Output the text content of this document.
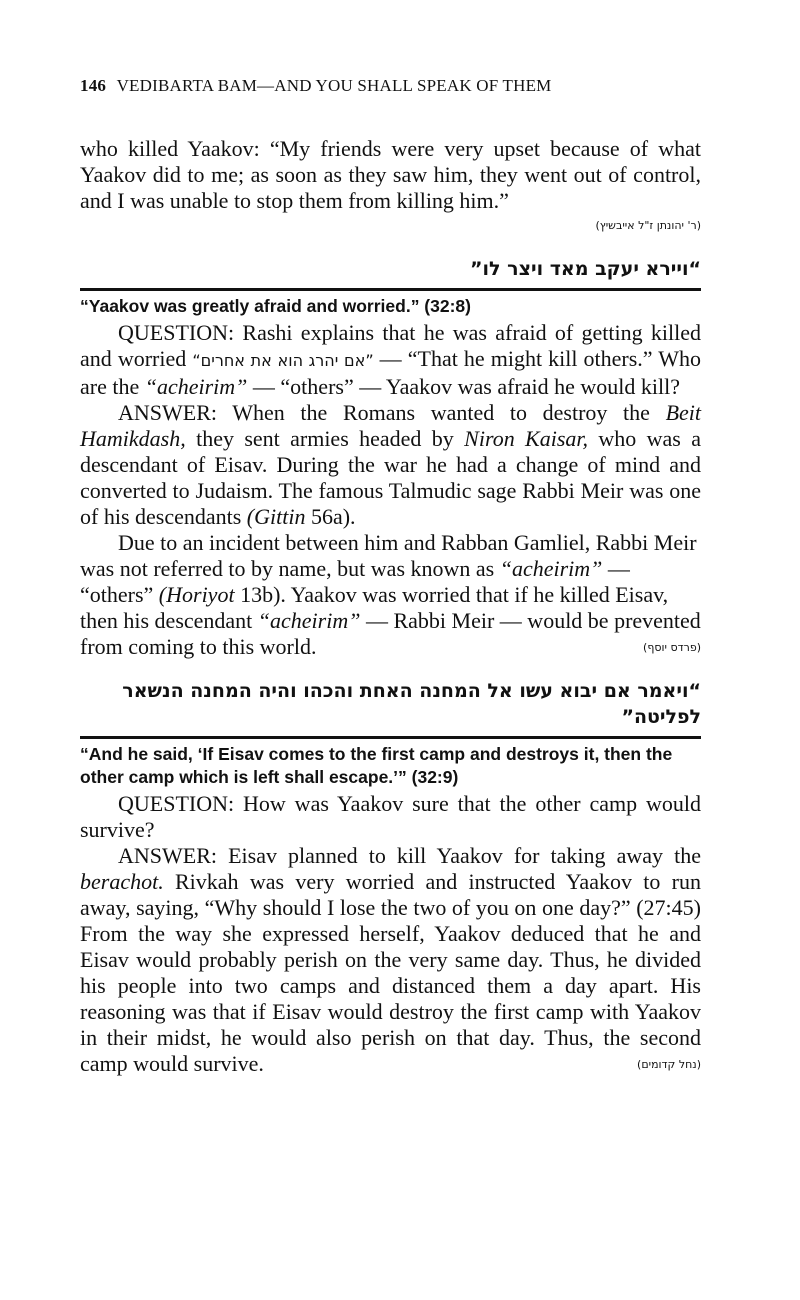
146 VEDIBARTA BAM—AND YOU SHALL SPEAK OF THEM

who killed Yaakov: “My friends were very upset because of what Yaakov did to me; as soon as they saw him, they went out of control, and I was unable to stop them from killing him.”

(ר' יהונתן ז"ל אייבשיץ)
“ויירא יעקב מאד ויצר לו”
“Yaakov was greatly afraid and worried.” (32:8)

QUESTION: Rashi explains that he was afraid of getting killed and worried “אם יהרג הוא את אחרים” — “That he might kill others.” Who are the “acheirim” — “others” — Yaakov was afraid he would kill?

ANSWER: When the Romans wanted to destroy the Beit Hamikdash, they sent armies headed by Niron Kaisar, who was a descendant of Eisav. During the war he had a change of mind and converted to Judaism. The famous Talmudic sage Rabbi Meir was one of his descendants (Gittin 56a).

Due to an incident between him and Rabban Gamliel, Rabbi Meir was not referred to by name, but was known as “acheirim” — “others” (Horiyot 13b). Yaakov was worried that if he killed Eisav, then his descendant “acheirim” — Rabbi Meir — would be prevented from coming to this world.	(פרדס יוסף)
“ויאמר אם יבוא עשו אל המחנה האחת והכהו והיה המחנה הנשאר לפליטה”
“And he said, ‘If Eisav comes to the first camp and destroys it, then the other camp which is left shall escape.’” (32:9)

QUESTION: How was Yaakov sure that the other camp would survive?

ANSWER: Eisav planned to kill Yaakov for taking away the berachot. Rivkah was very worried and instructed Yaakov to run away, saying, “Why should I lose the two of you on one day?” (27:45) From the way she expressed herself, Yaakov deduced that he and Eisav would probably perish on the very same day. Thus, he divided his people into two camps and distanced them a day apart. His reasoning was that if Eisav would destroy the first camp with Yaakov in their midst, he would also perish on that day. Thus, the second camp would survive.	(נחל קדומים)
